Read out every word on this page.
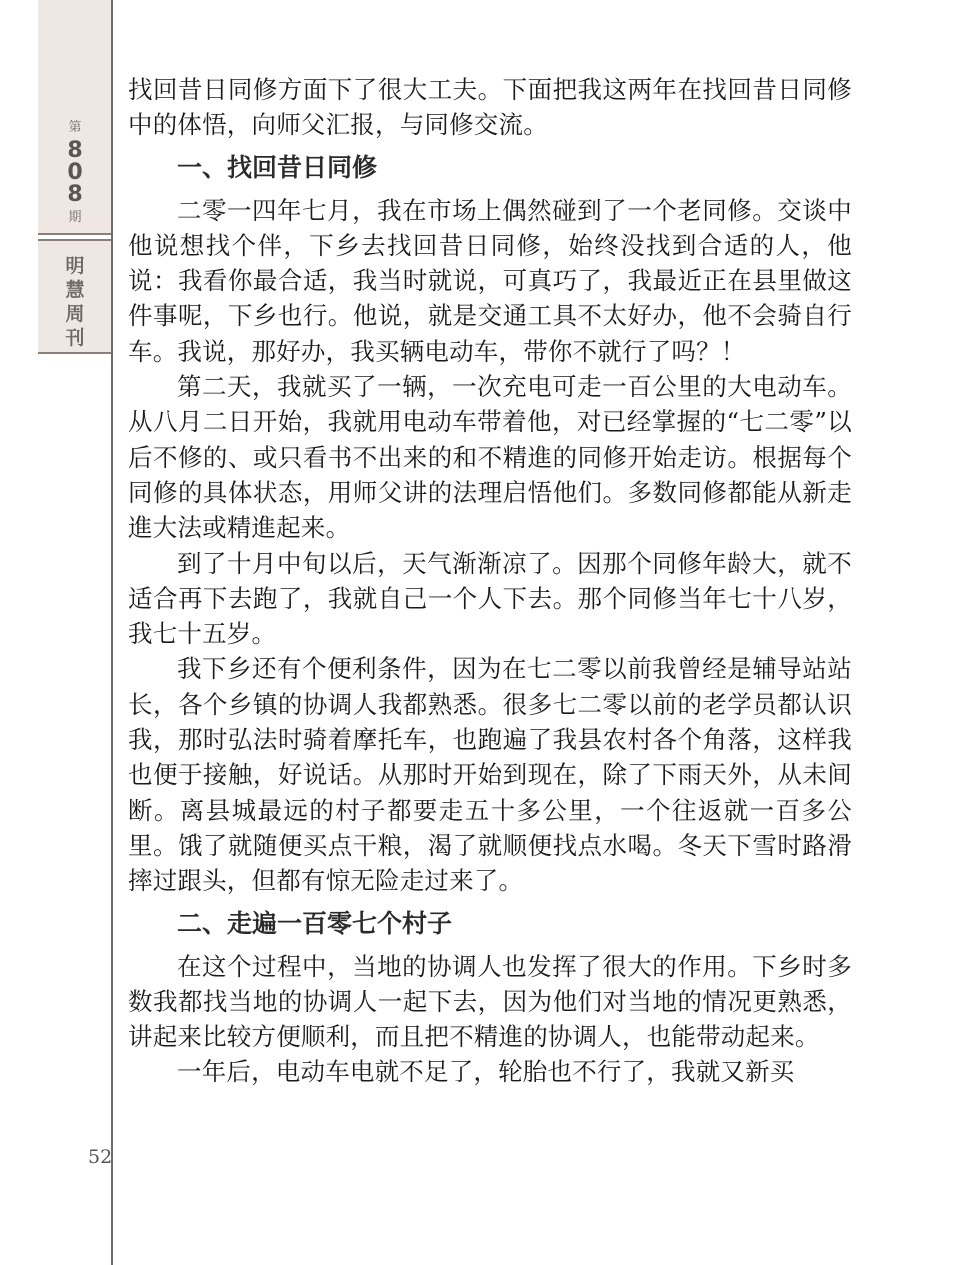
第
808
期
明
慧
周
刊
52

找回昔日同修方面下了很大工夫。下面把我这两年在找回昔日同修中的体悟，向师父汇报，与同修交流。

一、找回昔日同修

二零一四年七月，我在市场上偶然碰到了一个老同修。交谈中他说想找个伴，下乡去找回昔日同修，始终没找到合适的人，他说：我看你最合适，我当时就说，可真巧了，我最近正在县里做这件事呢，下乡也行。他说，就是交通工具不太好办，他不会骑自行车。我说，那好办，我买辆电动车，带你不就行了吗？！

第二天，我就买了一辆，一次充电可走一百公里的大电动车。从八月二日开始，我就用电动车带着他，对已经掌握的“七二零”以后不修的、或只看书不出来的和不精進的同修开始走访。根据每个同修的具体状态，用师父讲的法理启悟他们。多数同修都能从新走進大法或精進起来。

到了十月中旬以后，天气渐渐凉了。因那个同修年龄大，就不适合再下去跑了，我就自己一个人下去。那个同修当年七十八岁，我七十五岁。

我下乡还有个便利条件，因为在七二零以前我曾经是辅导站站长，各个乡镇的协调人我都熟悉。很多七二零以前的老学员都认识我，那时弘法时骑着摩托车，也跑遍了我县农村各个角落，这样我也便于接触，好说话。从那时开始到现在，除了下雨天外，从未间断。离县城最远的村子都要走五十多公里，一个往返就一百多公里。饿了就随便买点干粮，渴了就顺便找点水喝。冬天下雪时路滑摔过跟头，但都有惊无险走过来了。

二、走遍一百零七个村子

在这个过程中，当地的协调人也发挥了很大的作用。下乡时多数我都找当地的协调人一起下去，因为他们对当地的情况更熟悉，讲起来比较方便顺利，而且把不精進的协调人，也能带动起来。

一年后，电动车电就不足了，轮胎也不行了，我就又新买
